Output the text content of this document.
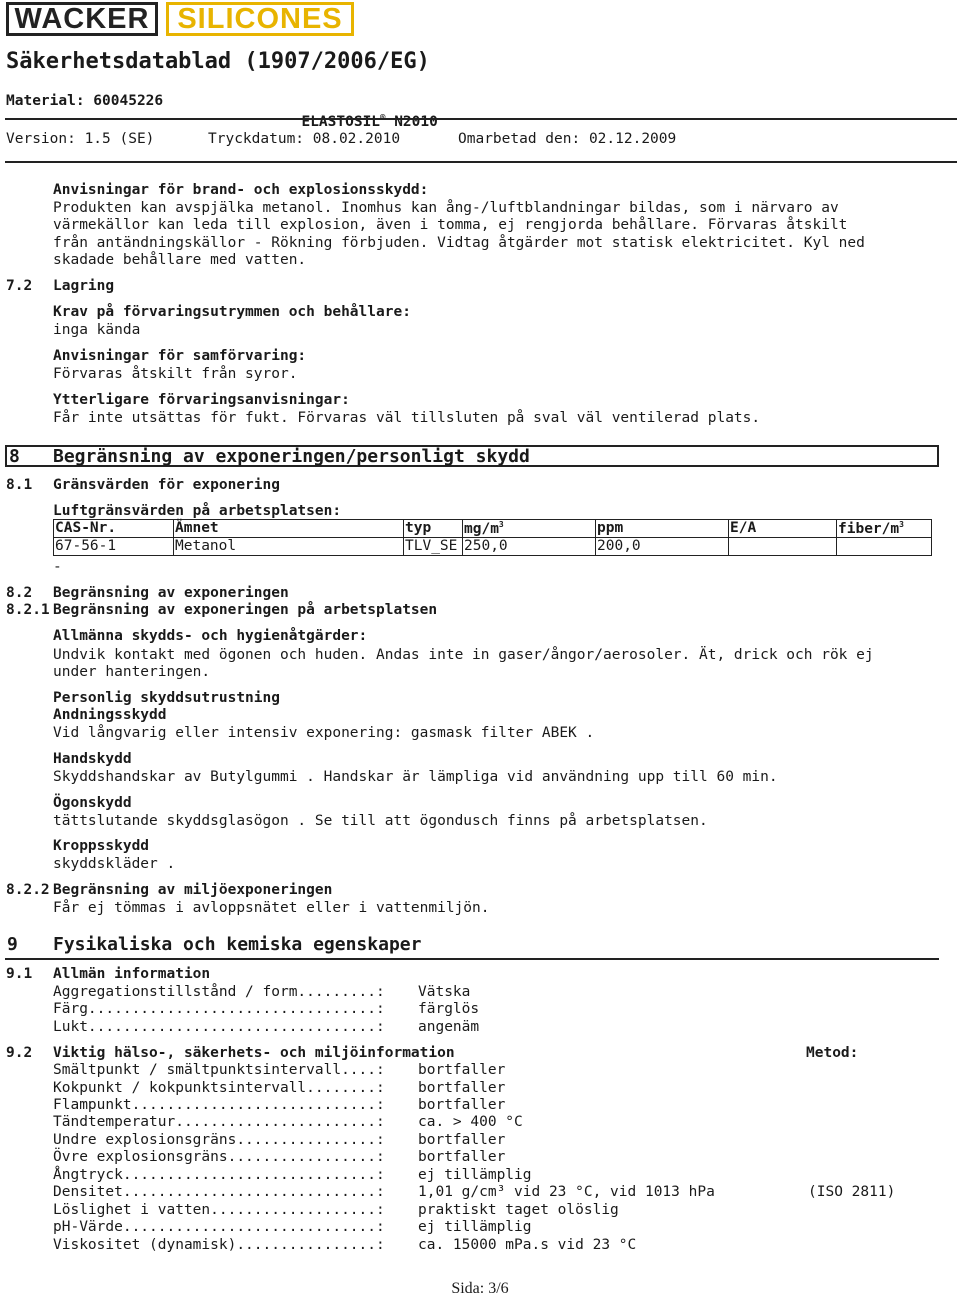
WACKER SILICONES
Säkerhetsdatablad (1907/2006/EG)
Material: 60045226

ELASTOSIL® N2010

Version: 1.5 (SE)	Tryckdatum: 08.02.2010	Omarbetad den: 02.12.2009
Anvisningar för brand- och explosionsskydd:
Produkten kan avspjälka metanol. Inomhus kan ång-/luftblandningar bildas, som i närvaro av
värmekällor kan leda till explosion, även i tomma, ej rengjorda behållare. Förvaras åtskilt
från antändningskällor - Rökning förbjuden. Vidtag åtgärder mot statisk elektricitet. Kyl ned
skadade behållare med vatten.
7.2 Lagring
Krav på förvaringsutrymmen och behållare:
inga kända
Anvisningar för samförvaring:
Förvaras åtskilt från syror.
Ytterligare förvaringsanvisningar:
Får inte utsättas för fukt. Förvaras väl tillsluten på sval väl ventilerad plats.
8 Begränsning av exponeringen/personligt skydd
8.1 Gränsvärden för exponering
Luftgränsvärden på arbetsplatsen:
CAS-Nr.	Ämnet	typ	$mg/m^3$	ppm	E/A	fiber/$m^3$
67-56-1	Metanol	TLV_SE	250,0	200,0		
-
8.2 Begränsning av exponeringen
8.2.1 Begränsning av exponeringen på arbetsplatsen
Allmänna skydds- och hygienåtgärder:
Undvik kontakt med ögonen och huden. Andas inte in gaser/ångor/aerosoler. Ät, drick och rök ej
under hanteringen.
Personlig skyddsutrustning
Andningsskydd
Vid långvarig eller intensiv exponering: gasmask filter ABEK .
Handskydd
Skyddshandskar av Butylgummi . Handskar är lämpliga vid användning upp till 60 min.
Ögonskydd
tättslutande skyddsglasögon . Se till att ögondusch finns på arbetsplatsen.
Kroppsskydd
skyddskläder .
8.2.2 Begränsning av miljöexponeringen
Får ej tömmas i avloppsnätet eller i vattenmiljön.
9 Fysikaliska och kemiska egenskaper
9.1 Allmän information
Aggregationstillstånd / form.........: Vätska
Färg.................................: färglös
Lukt.................................: angenäm
9.2 Viktig hälso-, säkerhets- och miljöinformation	Metod:
Smältpunkt / smältpunktsintervall....: bortfaller
Kokpunkt / kokpunktsintervall........: bortfaller
Flampunkt............................: bortfaller
Tändtemperatur.......................: ca. > 400 °C
Undre explosionsgräns................: bortfaller
Övre explosionsgräns.................: bortfaller
Ångtryck.............................: ej tillämplig
Densitet.............................: 1,01 g/cm³ vid 23 °C, vid 1013 hPa	(ISO 2811)
Löslighet i vatten...................: praktiskt taget olöslig
pH-Värde.............................: ej tillämplig
Viskositet (dynamisk)................: ca. 15000 mPa.s vid 23 °C
Sida: 3/6
